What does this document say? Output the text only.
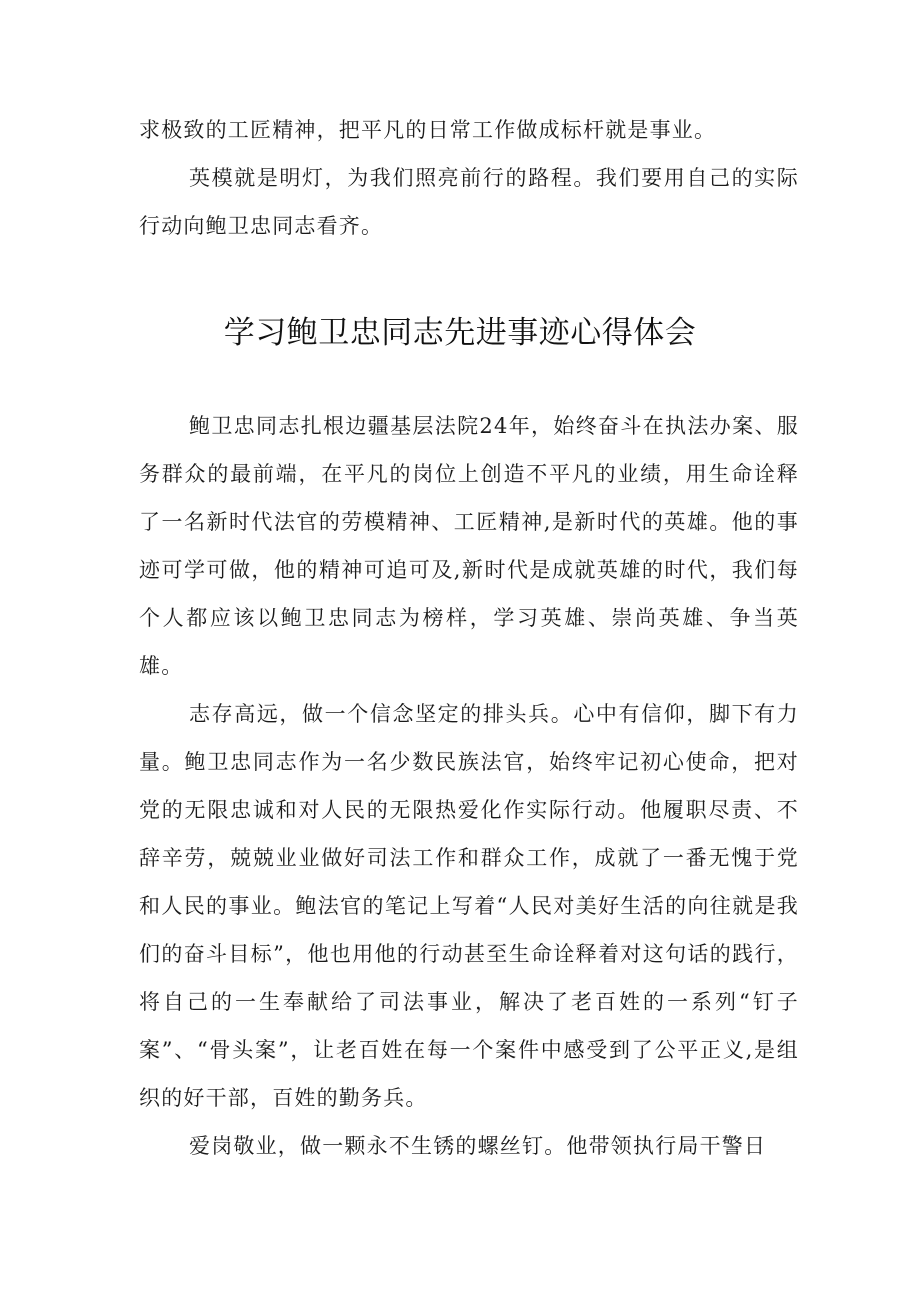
求极致的工匠精神，把平凡的日常工作做成标杆就是事业。

英模就是明灯，为我们照亮前行的路程。我们要用自己的实际行动向鲍卫忠同志看齐。

学习鲍卫忠同志先进事迹心得体会

鲍卫忠同志扎根边疆基层法院24年，始终奋斗在执法办案、服务群众的最前端，在平凡的岗位上创造不平凡的业绩，用生命诠释了一名新时代法官的劳模精神、工匠精神,是新时代的英雄。他的事迹可学可做，他的精神可追可及,新时代是成就英雄的时代，我们每个人都应该以鲍卫忠同志为榜样，学习英雄、崇尚英雄、争当英雄。

志存高远，做一个信念坚定的排头兵。心中有信仰，脚下有力量。鲍卫忠同志作为一名少数民族法官，始终牢记初心使命，把对党的无限忠诚和对人民的无限热爱化作实际行动。他履职尽责、不辞辛劳，兢兢业业做好司法工作和群众工作，成就了一番无愧于党和人民的事业。鲍法官的笔记上写着“人民对美好生活的向往就是我们的奋斗目标”，他也用他的行动甚至生命诠释着对这句话的践行，将自己的一生奉献给了司法事业，解决了老百姓的一系列“钉子案”、“骨头案”，让老百姓在每一个案件中感受到了公平正义,是组织的好干部，百姓的勤务兵。

爱岗敬业，做一颗永不生锈的螺丝钉。他带领执行局干警日
